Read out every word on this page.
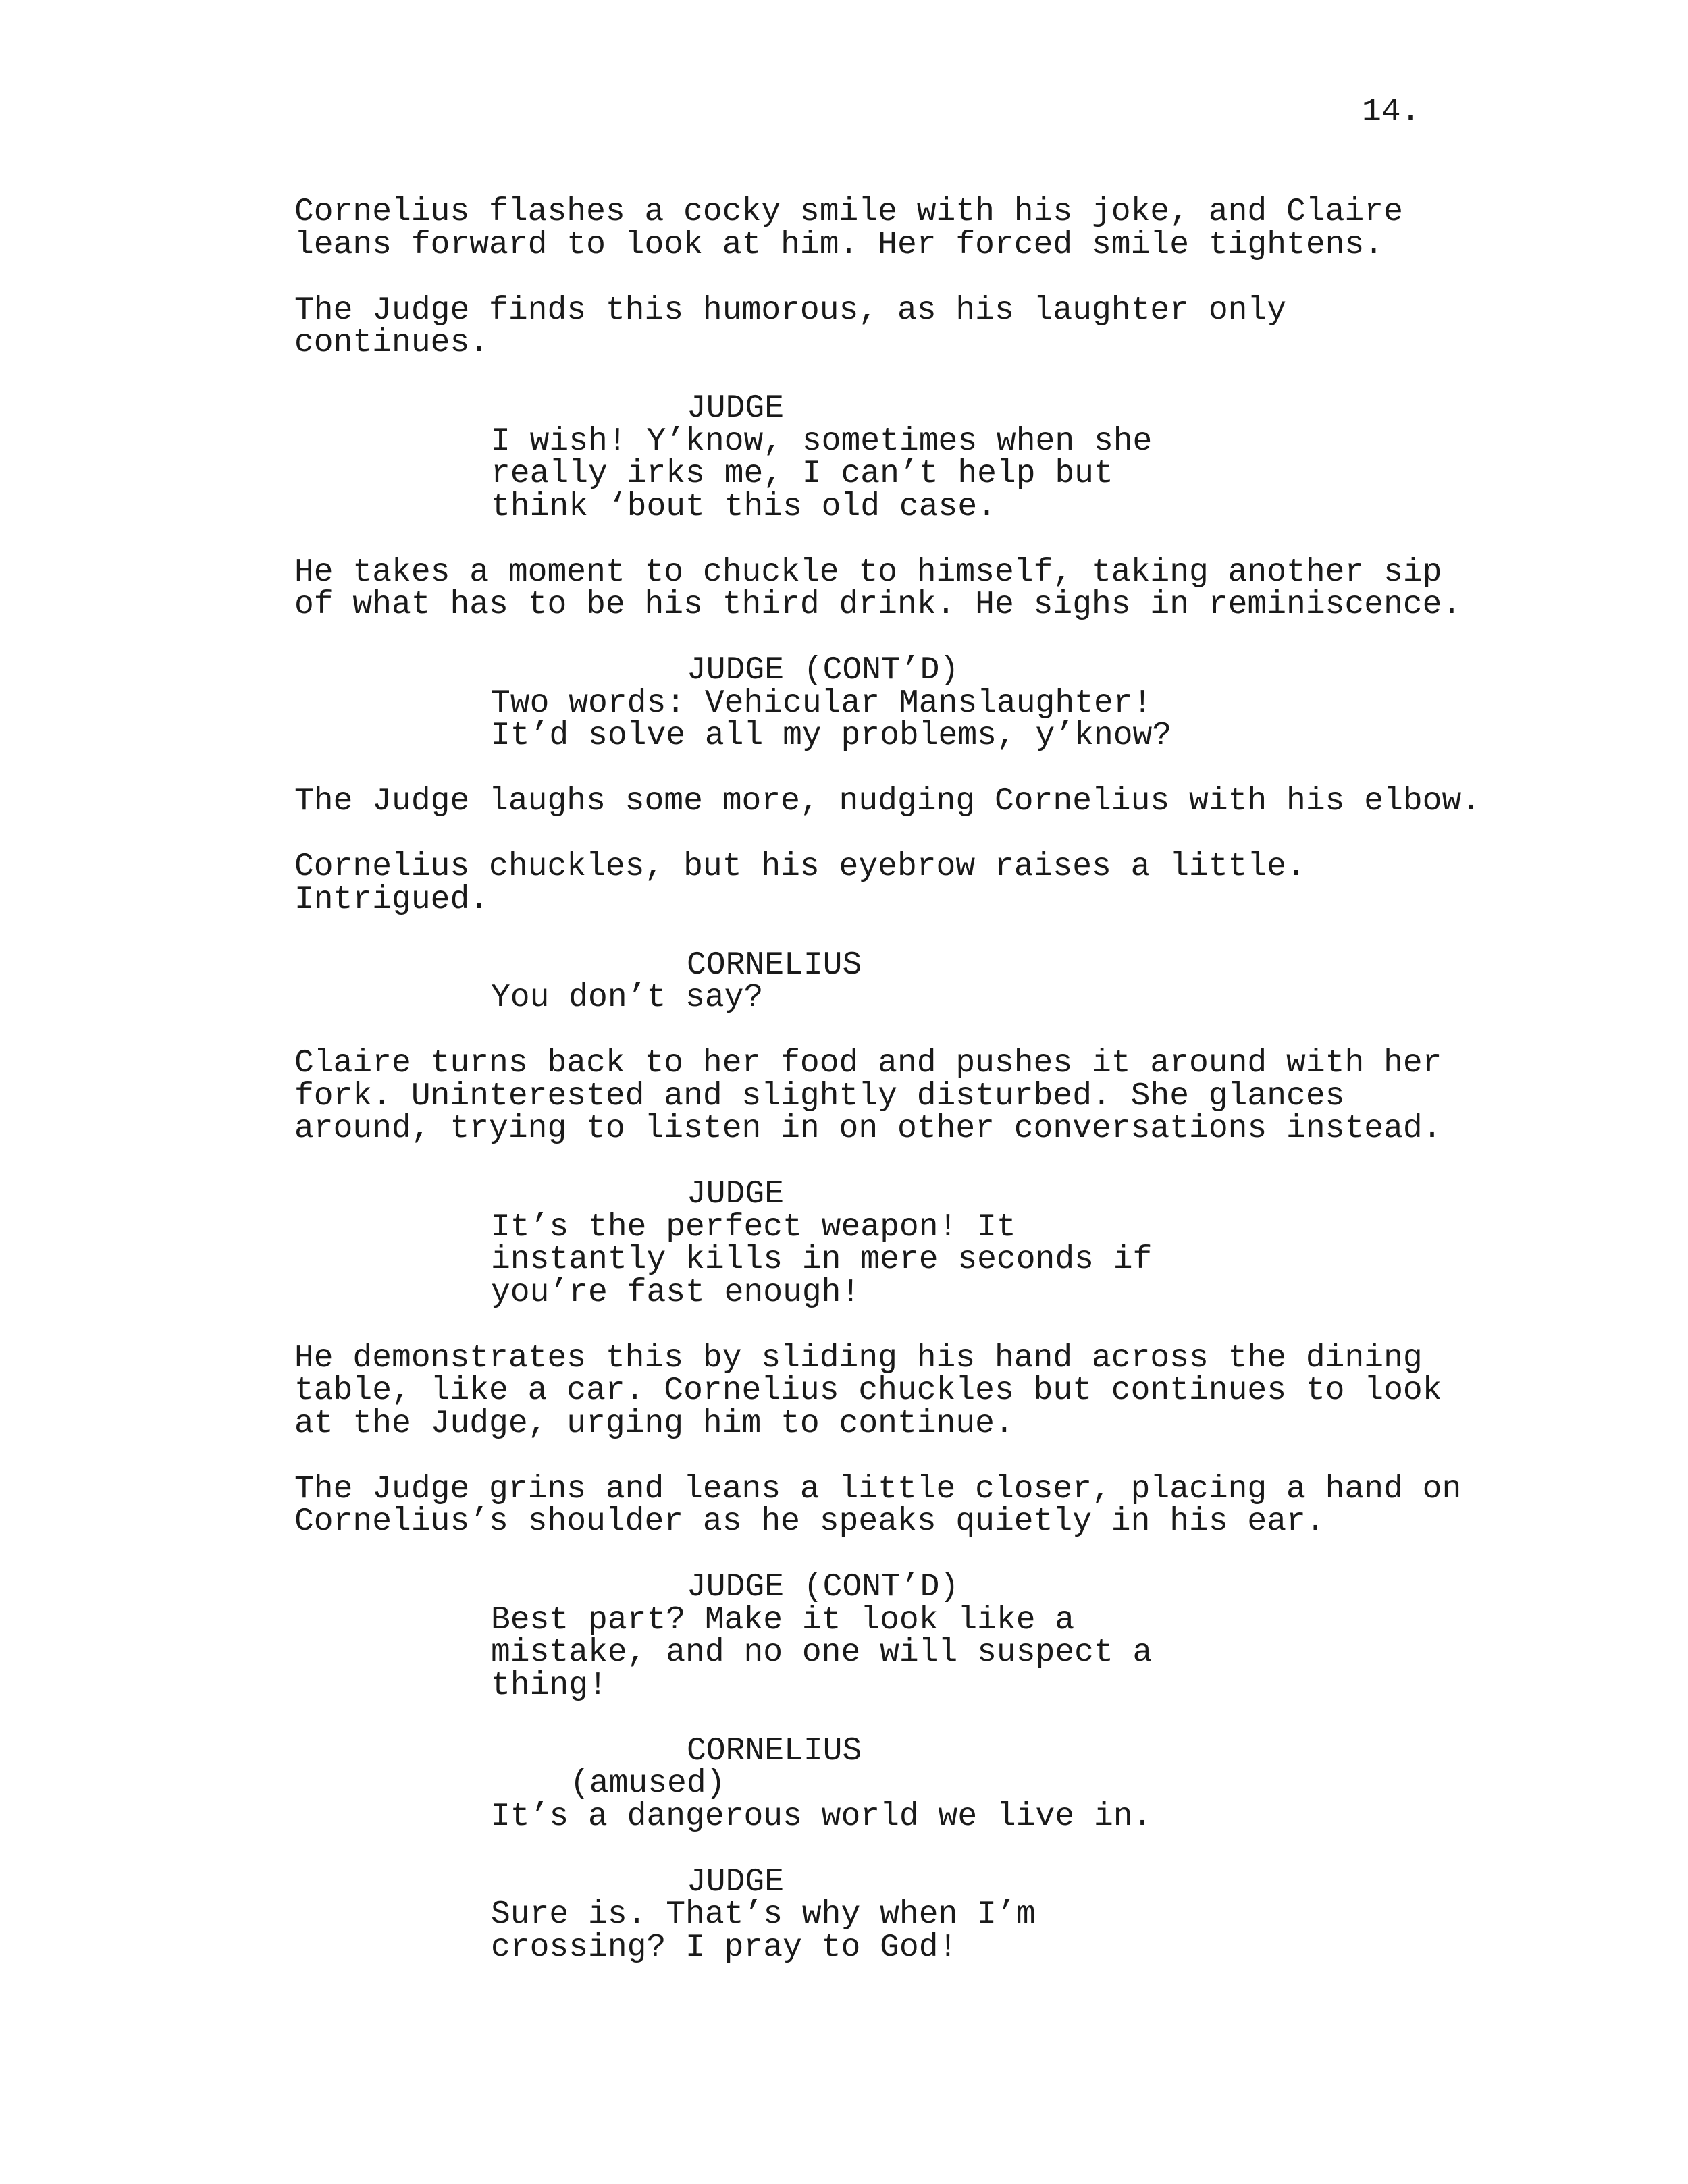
14.
Cornelius flashes a cocky smile with his joke, and Claire
leans forward to look at him. Her forced smile tightens.
The Judge finds this humorous, as his laughter only
continues.
JUDGE
I wish! Y’know, sometimes when she
really irks me, I can’t help but
think ‘bout this old case.
He takes a moment to chuckle to himself, taking another sip
of what has to be his third drink. He sighs in reminiscence.
JUDGE (CONT’D)
Two words: Vehicular Manslaughter!
It’d solve all my problems, y’know?
The Judge laughs some more, nudging Cornelius with his elbow.
Cornelius chuckles, but his eyebrow raises a little.
Intrigued.
CORNELIUS
You don’t say?
Claire turns back to her food and pushes it around with her
fork. Uninterested and slightly disturbed. She glances
around, trying to listen in on other conversations instead.
JUDGE
It’s the perfect weapon! It
instantly kills in mere seconds if
you’re fast enough!
He demonstrates this by sliding his hand across the dining
table, like a car. Cornelius chuckles but continues to look
at the Judge, urging him to continue.
The Judge grins and leans a little closer, placing a hand on
Cornelius’s shoulder as he speaks quietly in his ear.
JUDGE (CONT’D)
Best part? Make it look like a
mistake, and no one will suspect a
thing!
CORNELIUS
(amused)
It’s a dangerous world we live in.
JUDGE
Sure is. That’s why when I’m
crossing? I pray to God!
